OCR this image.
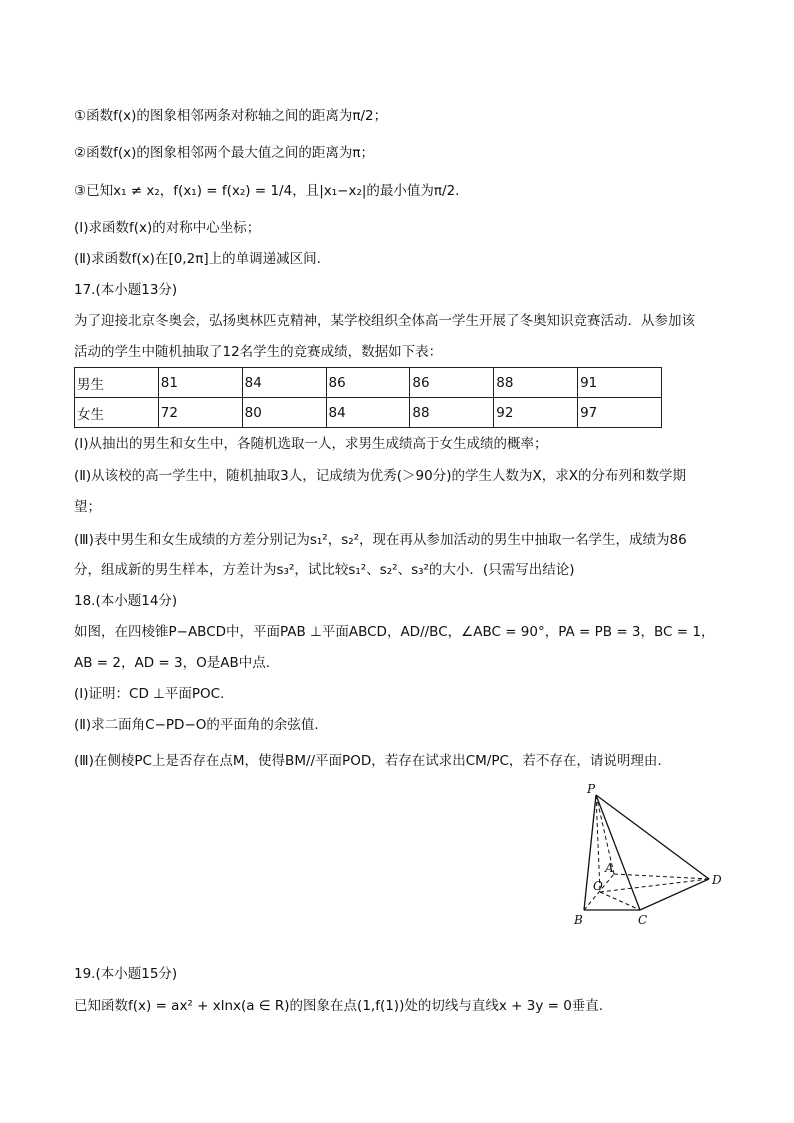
①函数f(x)的图象相邻两条对称轴之间的距离为π/2；
②函数f(x)的图象相邻两个最大值之间的距离为π；
③已知x₁ ≠ x₂，f(x₁) = f(x₂) = 1/4，且|x₁−x₂|的最小值为π/2.
(Ⅰ)求函数f(x)的对称中心坐标；
(Ⅱ)求函数f(x)在[0,2π]上的单调递减区间.
17.(本小题13分)
为了迎接北京冬奥会，弘扬奥林匹克精神，某学校组织全体高一学生开展了冬奥知识竞赛活动．从参加该
活动的学生中随机抽取了12名学生的竞赛成绩，数据如下表：
男生	81	84	86	86	88	91
女生	72	80	84	88	92	97
(Ⅰ)从抽出的男生和女生中，各随机选取一人，求男生成绩高于女生成绩的概率；
(Ⅱ)从该校的高一学生中，随机抽取3人，记成绩为优秀(＞90分)的学生人数为X，求X的分布列和数学期
望；
(Ⅲ)表中男生和女生成绩的方差分别记为s₁²，s₂²，现在再从参加活动的男生中抽取一名学生，成绩为86
分，组成新的男生样本，方差计为s₃²，试比较s₁²、s₂²、s₃²的大小．(只需写出结论)
18.(本小题14分)
如图，在四棱锥P−ABCD中，平面PAB ⊥平面ABCD，AD//BC，∠ABC = 90°，PA = PB = 3，BC = 1，
AB = 2，AD = 3，O是AB中点.
(Ⅰ)证明：CD ⊥平面POC.
(Ⅱ)求二面角C−PD−O的平面角的余弦值.
(Ⅲ)在侧棱PC上是否存在点M，使得BM//平面POD，若存在试求出CM/PC，若不存在，请说明理由.
P
A
O	D
B	C
19.(本小题15分)
已知函数f(x) = ax² + xlnx(a ∈ R)的图象在点(1,f(1))处的切线与直线x + 3y = 0垂直.
